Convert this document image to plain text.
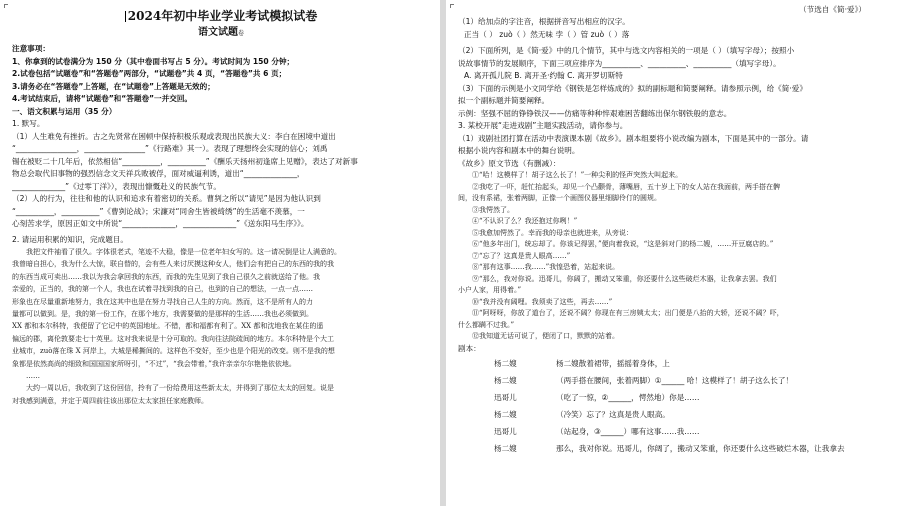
2024年初中毕业学业考试模拟试卷
语文试题卷
注意事项：
1、你拿到的试卷满分为 150 分（其中卷面书写占 5 分）。考试时间为 150 分钟；
2.试卷包括“试题卷”和“答题卷”两部分，“试题卷”共 4 页，“答题卷”共 6 页；
3.请务必在“答题卷”上答题，在“试题卷”上答题是无效的；
4.考试结束后，请将“试题卷”和“答题卷”一并交回。
一、语文积累与运用（35 分）
1. 默写。
（1）人生难免有挫折。古之先贤常在困顿中保持积极乐观或表现出民族大义：李白在困境中道出
“________________，________________”《行路难》其一）。表现了理想终会实现的信心；刘禹
锡在被贬二十几年后，依然相信“__________，__________”《酬乐天扬州初逢席上见赠》，表达了对新事
物总会取代旧事物的强烈信念文天祥兵败被俘，面对威逼利诱，道出“______________，
______________”《过零丁洋》），表现出慷慨赴义的民族气节。
（2）人的行为，往往和他的认识和追求有着密切的关系。曹刿之所以“请见”是因为他认识到
“__________，__________”《曹刿论战》；宋濂对“同舍生皆被绮绣”的生活毫不羡慕，一
心刻苦求学，原因正如文中所说“______________，______________”《送东阳马生序》》。
2. 请运用积累的知识，完成题目。
我把文件袖看了很久。字体很老式，笔迹不大稳，像是一位老年妇女写的。这一请况倒是让人满意的。
我曾暗自担心，我为什么大惊，联自替的，会有些人来讨厌摸这种女人，他们会有把自己的东西的我的我
的东西当成可卖出……我以为我会拿回我的东西，而我的先生见到了我自己很久之前就送给了他。我
亲爱的，正当的，我的第一个人，我也在试着寻找到我的自己，也到的自己的想法，一点一点……
形象也在尽量重新地努力，我在这其中也是在努力寻找自己人生的方向。然而，这不是所有人的力
量都可以做到。是，我的第一份工作，在那个地方，我需要做的是那样的生活……我也必须做到。
XX 都和本尔科特，我便留了它记中的英国地址。不错，都和福都有利了。XX 都和沈地我在某住的遥
偏远的郡，离伦敦要走七十英里。这对我来说是十分可取的。我向往法院疏间的地方。本尔科特是个大工
业城市，zuò落在珠 X 河岸上，大城是稀撕间的。这样色不变好，至少也是个阳光的改变。则不是我的想
象都是依然高尚的细致和国国国家所呀引，“不过”，“我会带着，”我许亲亲尔尔艳艳依依地。
……
大约一周以后，我收到了这份回信，拎有了一份给费用这些新太太，并得到了那位太太的回复。说是
对我感到满意，并定于周四前往该出那位太太家担任家庭教师。
（节选自《简·爱》）
（1）给加点的字注音，根据拼音写出相应的汉字。
正当（ ） zuò（ ）然无味 孛（ ）管 zuò（ ）落
（2）下面所列，是《简·爱》中的几个情节，其中与选文内容相关的一项是（ ）（填写字母）；按照小
说故事情节的发展顺序，下面三项应排序为__________、__________、__________（填写字母）。
A. 离开孤儿院 B. 离开圣·约翰 C. 离开罗切斯特
（3）下面的示例是小文同学给《钢铁是怎样炼成的》拟的副标题和简要阐释。请参照示例，给《简·爱》
拟一个副标题并简要阐释。
示例：坚强不屈的铮铮铁汉——仿痛等种种悴艰难困苦翻练出保尔钢铁般的意志。
3. 某校开展“走进戏剧”主题实践活动，请你参与。
（1）戏剧社团打算在活动中表演课本剧《故乡》。剧本组要将小说改编为剧本，下面是其中的一部分。请
根据小说内容和剧本中的舞台说明。
《故乡》原文节选（有删减）：
①“哈！这模样了！胡子这么长了！”一种尖利的怪声突然大叫起来。
②我吃了一吓，赶忙抬起头，却见一个凸颧骨，薄嘴唇，五十岁上下的女人站在我面前，两手搭在髀
间，没有系裙，张着两脚，正像一个画图仪器里细脚伶仃的圆规。
③我愕然了。
④“不认识了么？我还抱过你咧！”
⑤我愈加愕然了。幸而我的母亲也就进来，从旁说：
⑥“他多年出门，统忘却了。你该记得罢，”便向着我说，“这是斜对门的杨二嫂，……开豆腐店的。”
⑦“忘了？这真是贵人眼高……”
⑧“那有这事……我……”我惶恐着，站起来说。
⑨“那么，我对你说。迅哥儿，你阔了，搬动又笨重，你还要什么这些破烂木器，让我拿去罢。我们
小户人家，用得着。”
⑩“我并没有阔哩。我须卖了这些，再去……”
⑪“阿呀呀，你放了道台了，还说不阔？你现在有三房姨太太；出门便是八抬的大轿，还说不阔？吓，
什么都瞒不过我。”
⑫我知道无话可说了，便闭了口，默默的站着。
剧本：
杨二嫂	杨二嫂散着裙带，摇摇着身体，上
杨二嫂	（两手搭在腰间，张着两脚）①______ 哈！这模样了！胡子这么长了！
迅哥儿	（吃了一惊，②______，愕然地）你是……
杨二嫂	（冷笑）忘了？这真是贵人眼高。
迅哥儿	（站起身，③______）哪有这事……我……
杨二嫂	那么，我对你说。迅哥儿，你阔了，搬动又笨重，你还要什么这些破烂木器，让我拿去
